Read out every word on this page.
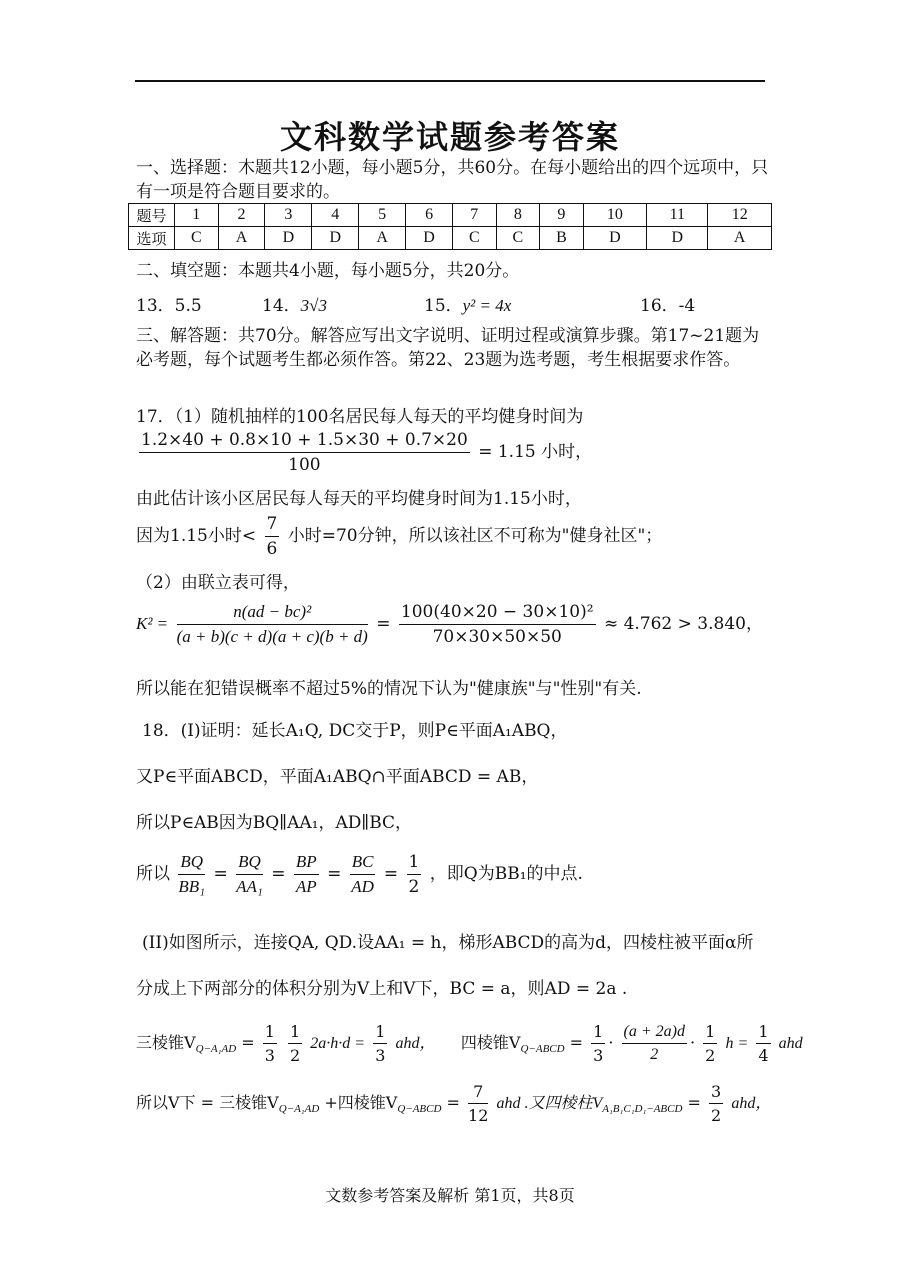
文科数学试题参考答案
一、选择题：木题共12小题，每小题5分，共60分。在每小题给出的四个远项中，只有一项是符合题目要求的。
题号	1	2	3	4	5	6	7	8	9	10	11	12
选项	C	A	D	D	A	D	C	C	B	D	D	A
二、填空题：本题共4小题，每小题5分，共20分。
13．5.5	14．3√3	15．y² = 4x	16．-4
三、解答题：共70分。解答应写出文字说明、证明过程或演算步骤。第17~21题为必考题，每个试题考生都必须作答。第22、23题为选考题，考生根据要求作答。
17．（1）随机抽样的100名居民每人每天的平均健身时间为
$\frac{1.2\times 40 + 0.8\times 10 + 1.5\times 30 + 0.7\times 20}{100} = 1.15$ 小时，
由此估计该小区居民每人每天的平均健身时间为1.15小时，
因为1.15小时< $\frac{7}{6}$ 小时=70分钟，所以该社区不可称为"健身社区"；
（2）由联立表可得，
$K^2 = \frac{\text{n(ad − bc)²}}{(a + b)(c + d)(a + c)(b + d)} = \frac{\text{100(40×20 − 30×10)²}}{70\times 30\times 50\times 50} \approx 4.762 > 3.840$，
所以能在犯错误概率不超过5%的情况下认为"健康族"与"性别"有关.
18．(I)证明：延长A₁Q, DC交于P，则P∈平面A₁ABQ，
又P∈平面ABCD，平面A₁ABQ∩平面ABCD = AB，
所以P∈AB因为BQ∥AA₁，AD∥BC，
所以 $\frac{BQ}{\text{BB₁}} = \frac{BQ}{\text{AA₁}} = \frac{BP}{AP} = \frac{BC}{AD} = \frac{1}{2}$ ，即Q为BB₁的中点.
(II)如图所示，连接QA, QD.设AA₁ = h，梯形ABCD的高为d，四棱柱被平面α所
分成上下两部分的体积分别为V上和V下，BC = a，则AD = 2a .
三棱锥$V_{Q-A_1AD} = \frac{1}{3}$
$\frac{1}{2} 2a\cdot h\cdot d = \frac{1}{3}$ ahd， 四棱锥$V_{Q-ABCD} = \frac{1}{3} \cdot \frac{(a + 2a)d}{2} \cdot \frac{1}{2}$ $h = \frac{1}{4}$ ahd
所以V下 = 三棱锥$V_{Q-A_1AD}$ +四棱锥$V_{Q-ABCD} = \frac{7}{12}$ ahd .又四棱柱$V_{A_1B_1C_1D_1-ABCD} = \frac{3}{2}$ ahd，
文数参考答案及解析 第1页，共8页
